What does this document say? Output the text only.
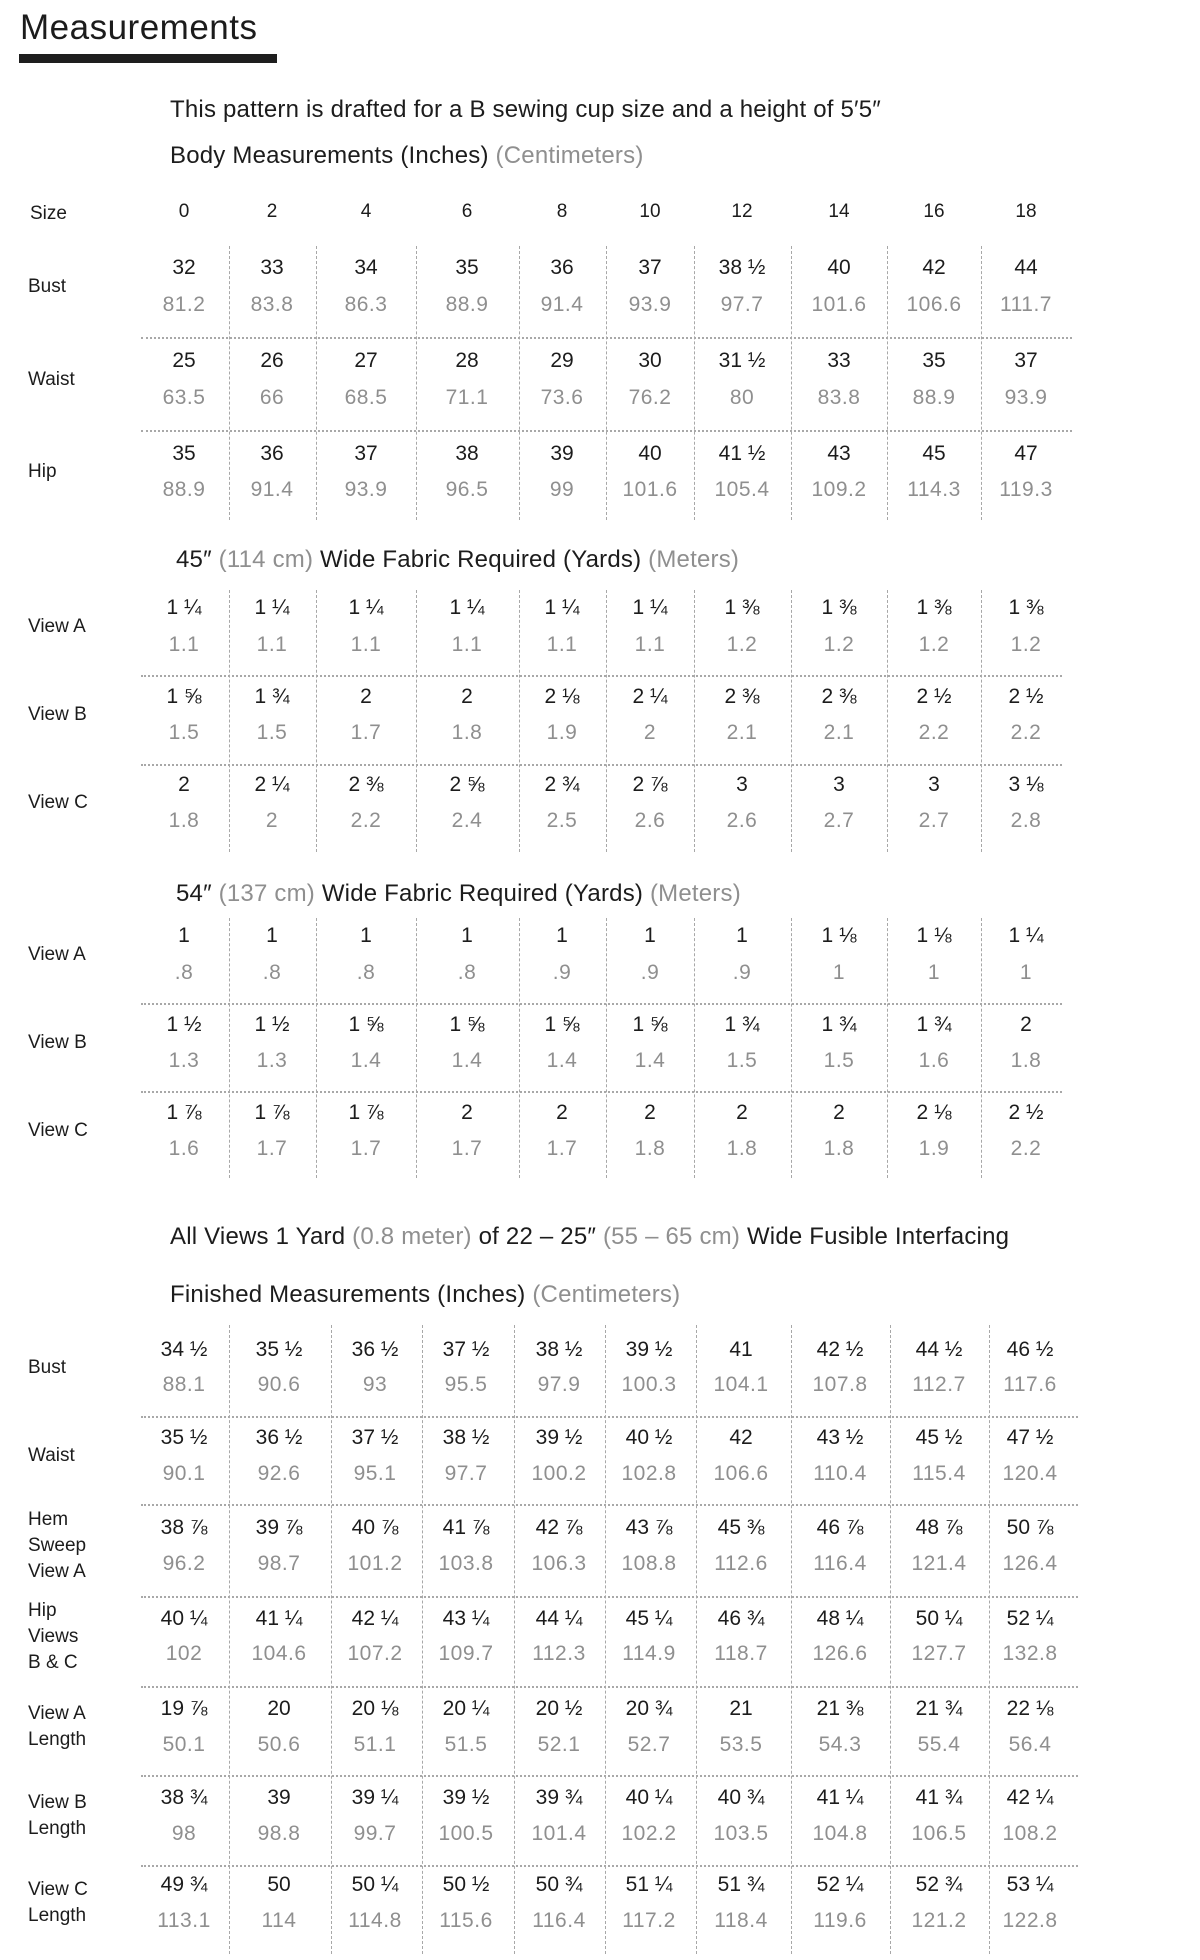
Measurements
This pattern is drafted for a B sewing cup size and a height of 5′5″
Body Measurements (Inches) (Centimeters)
Size	0	2	4	6	8	10	12	14	16	18
Bust
32	33	34	35	36	37	38 ½	40	42	44
81.2	83.8	86.3	88.9	91.4	93.9	97.7	101.6	106.6	111.7
Waist
25	26	27	28	29	30	31 ½	33	35	37
63.5	66	68.5	71.1	73.6	76.2	80	83.8	88.9	93.9
Hip
35	36	37	38	39	40	41 ½	43	45	47
88.9	91.4	93.9	96.5	99	101.6	105.4	109.2	114.3	119.3
45″ (114 cm) Wide Fabric Required (Yards) (Meters)
View A
1 ¼	1 ¼	1 ¼	1 ¼	1 ¼	1 ¼	1 ⅜	1 ⅜	1 ⅜	1 ⅜
1.1	1.1	1.1	1.1	1.1	1.1	1.2	1.2	1.2	1.2
View B
1 ⅝	1 ¾	2	2	2 ⅛	2 ¼	2 ⅜	2 ⅜	2 ½	2 ½
1.5	1.5	1.7	1.8	1.9	2	2.1	2.1	2.2	2.2
View C
2	2 ¼	2 ⅜	2 ⅝	2 ¾	2 ⅞	3	3	3	3 ⅛
1.8	2	2.2	2.4	2.5	2.6	2.6	2.7	2.7	2.8
54″ (137 cm) Wide Fabric Required (Yards) (Meters)
View A
1	1	1	1	1	1	1	1 ⅛	1 ⅛	1 ¼
.8	.8	.8	.8	.9	.9	.9	1	1	1
View B
1 ½	1 ½	1 ⅝	1 ⅝	1 ⅝	1 ⅝	1 ¾	1 ¾	1 ¾	2
1.3	1.3	1.4	1.4	1.4	1.4	1.5	1.5	1.6	1.8
View C
1 ⅞	1 ⅞	1 ⅞	2	2	2	2	2	2 ⅛	2 ½
1.6	1.7	1.7	1.7	1.7	1.8	1.8	1.8	1.9	2.2
All Views 1 Yard (0.8 meter) of 22 – 25″ (55 – 65 cm) Wide Fusible Interfacing
Finished Measurements (Inches) (Centimeters)
Bust
34 ½	35 ½	36 ½	37 ½	38 ½	39 ½	41	42 ½	44 ½	46 ½
88.1	90.6	93	95.5	97.9	100.3	104.1	107.8	112.7	117.6
Waist
35 ½	36 ½	37 ½	38 ½	39 ½	40 ½	42	43 ½	45 ½	47 ½
90.1	92.6	95.1	97.7	100.2	102.8	106.6	110.4	115.4	120.4
Hem
Sweep
View A
38 ⅞	39 ⅞	40 ⅞	41 ⅞	42 ⅞	43 ⅞	45 ⅜	46 ⅞	48 ⅞	50 ⅞
96.2	98.7	101.2	103.8	106.3	108.8	112.6	116.4	121.4	126.4
Hip
Views
B & C
40 ¼	41 ¼	42 ¼	43 ¼	44 ¼	45 ¼	46 ¾	48 ¼	50 ¼	52 ¼
102	104.6	107.2	109.7	112.3	114.9	118.7	126.6	127.7	132.8
View A
Length
19 ⅞	20	20 ⅛	20 ¼	20 ½	20 ¾	21	21 ⅜	21 ¾	22 ⅛
50.1	50.6	51.1	51.5	52.1	52.7	53.5	54.3	55.4	56.4
View B
Length
38 ¾	39	39 ¼	39 ½	39 ¾	40 ¼	40 ¾	41 ¼	41 ¾	42 ¼
98	98.8	99.7	100.5	101.4	102.2	103.5	104.8	106.5	108.2
View C
Length
49 ¾	50	50 ¼	50 ½	50 ¾	51 ¼	51 ¾	52 ¼	52 ¾	53 ¼
113.1	114	114.8	115.6	116.4	117.2	118.4	119.6	121.2	122.8
